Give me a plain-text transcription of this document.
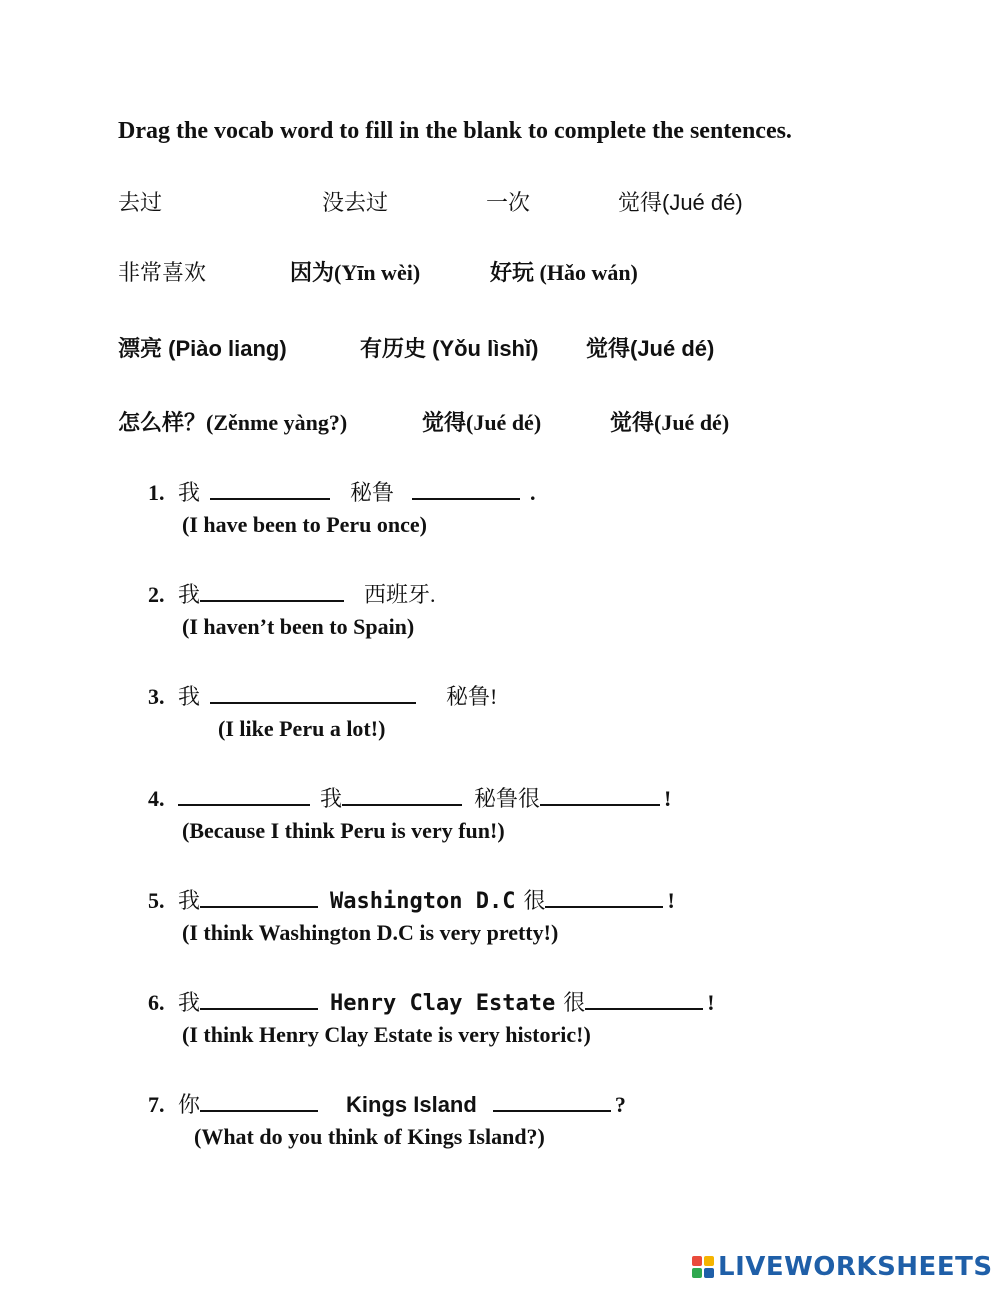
Drag the vocab word to fill in the blank to complete the sentences.
去过	没去过	一次	觉得(Jué đé)
非常喜欢	因为(Yīn wèi)	好玩 (Hǎo wán)
漂亮 (Piào liang)	有历史 (Yǒu lìshǐ) 觉得(Jué dé)
怎么样？(Zěnme yàng?)	觉得(Jué dé)	觉得(Jué dé)
1. 我	秘鲁	.
(I have been to Peru once)
2. 我	西班牙.
(I haven’t been to Spain)
3. 我	秘鲁!
(I like Peru a lot!)
4.	我	秘鲁很	!
(Because I think Peru is very fun!)
5. 我	Washington D.C 很	!
(I think Washington D.C is very pretty!)
6. 我	Henry Clay Estate 很	!
(I think Henry Clay Estate is very historic!)
7. 你	Kings Island	?
(What do you think of Kings Island?)
LIVEWORKSHEETS
